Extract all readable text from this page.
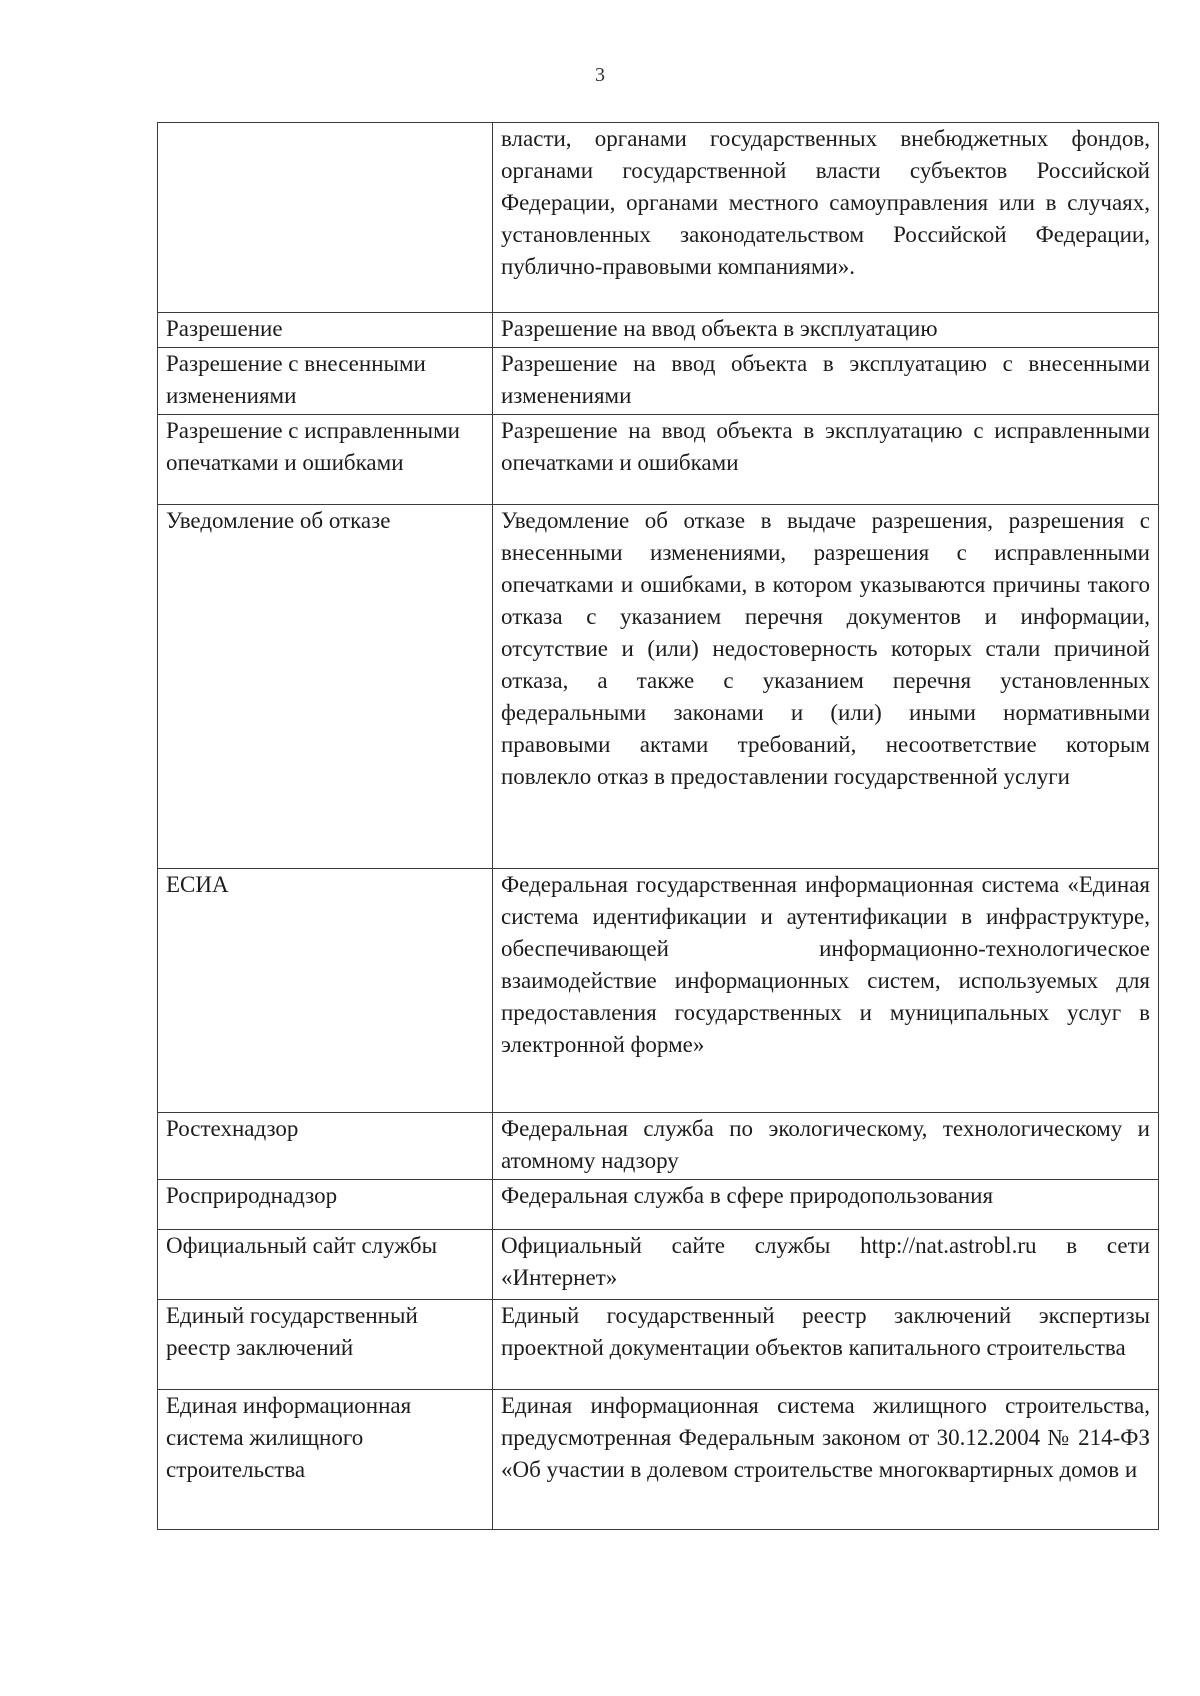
3
	власти, органами государственных внебюджетных фондов, органами государственной власти субъектов Российской Федерации, органами местного самоуправления или в случаях, установленных законодательством Российской Федерации, публично-правовыми компаниями».
Разрешение	Разрешение на ввод объекта в эксплуатацию
Разрешение с внесенными изменениями	Разрешение на ввод объекта в эксплуатацию с внесенными изменениями
Разрешение с исправленными опечатками и ошибками	Разрешение на ввод объекта в эксплуатацию с исправленными опечатками и ошибками
Уведомление об отказе	Уведомление об отказе в выдаче разрешения, разрешения с внесенными изменениями, разрешения с исправленными опечатками и ошибками, в котором указываются причины такого отказа с указанием перечня документов и информации, отсутствие и (или) недостоверность которых стали причиной отказа, а также с указанием перечня установленных федеральными законами и (или) иными нормативными правовыми актами требований, несоответствие которым повлекло отказ в предоставлении государственной услуги
ЕСИА	Федеральная государственная информационная система «Единая система идентификации и аутентификации в инфраструктуре, обеспечивающей информационно-технологическое взаимодействие информационных систем, используемых для предоставления государственных и муниципальных услуг в электронной форме»
Ростехнадзор	Федеральная служба по экологическому, технологическому и атомному надзору
Росприроднадзор	Федеральная служба в сфере природопользования
Официальный сайт службы	Официальный сайте службы http://nat.astrobl.ru в сети «Интернет»
Единый государственный реестр заключений	Единый государственный реестр заключений экспертизы проектной документации объектов капитального строительства
Единая информационная система жилищного строительства	Единая информационная система жилищного строительства, предусмотренная Федеральным законом от 30.12.2004 № 214-ФЗ «Об участии в долевом строительстве многоквартирных домов и
